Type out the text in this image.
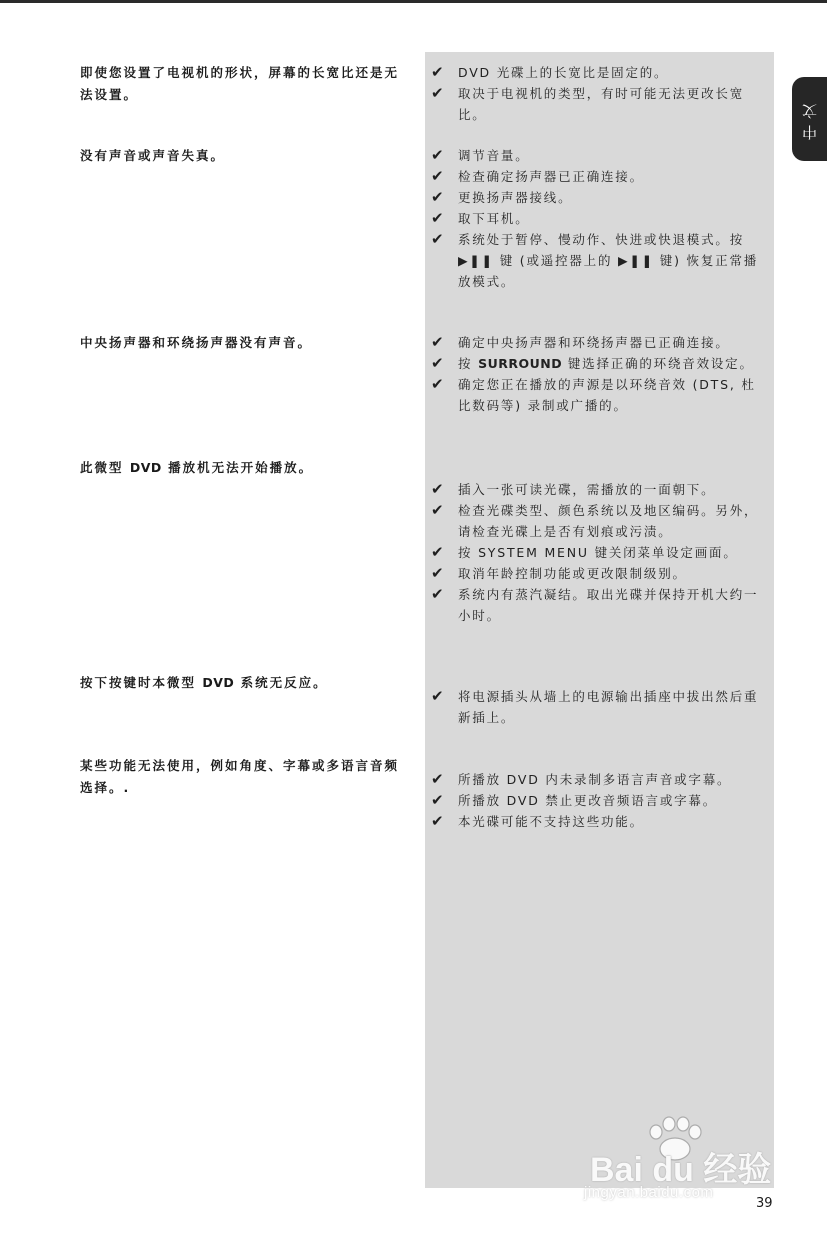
中文
即使您设置了电视机的形状，屏幕的长宽比还是无法设置。
✔ DVD 光碟上的长宽比是固定的。
✔ 取决于电视机的类型，有时可能无法更改长宽比。
没有声音或声音失真。	✔ 调节音量。
✔ 检查确定扬声器已正确连接。
✔ 更换扬声器接线。
✔ 取下耳机。
✔ 系统处于暂停、慢动作、快进或快退模式。按 ▶❚❚ 键 (或遥控器上的 ▶❚❚ 键) 恢复正常播放模式。
中央扬声器和环绕扬声器没有声音。	✔ 确定中央扬声器和环绕扬声器已正确连接。
✔ 按 SURROUND 键选择正确的环绕音效设定。
✔ 确定您正在播放的声源是以环绕音效 (DTS, 杜比数码等) 录制或广播的。
此微型 DVD 播放机无法开始播放。
✔ 插入一张可读光碟，需播放的一面朝下。
✔ 检查光碟类型、颜色系统以及地区编码。另外，请检查光碟上是否有划痕或污渍。
✔ 按 SYSTEM MENU 键关闭菜单设定画面。
✔ 取消年龄控制功能或更改限制级别。
✔ 系统内有蒸汽凝结。取出光碟并保持开机大约一小时。
按下按键时本微型 DVD 系统无反应。
✔ 将电源插头从墙上的电源输出插座中拔出然后重新插上。
某些功能无法使用，例如角度、字幕或多语言音频选择。.	✔ 所播放 DVD 内未录制多语言声音或字幕。
✔ 所播放 DVD 禁止更改音频语言或字幕。
✔ 本光碟可能不支持这些功能。
Bai du 经验
jingyan.baidu.com
39
